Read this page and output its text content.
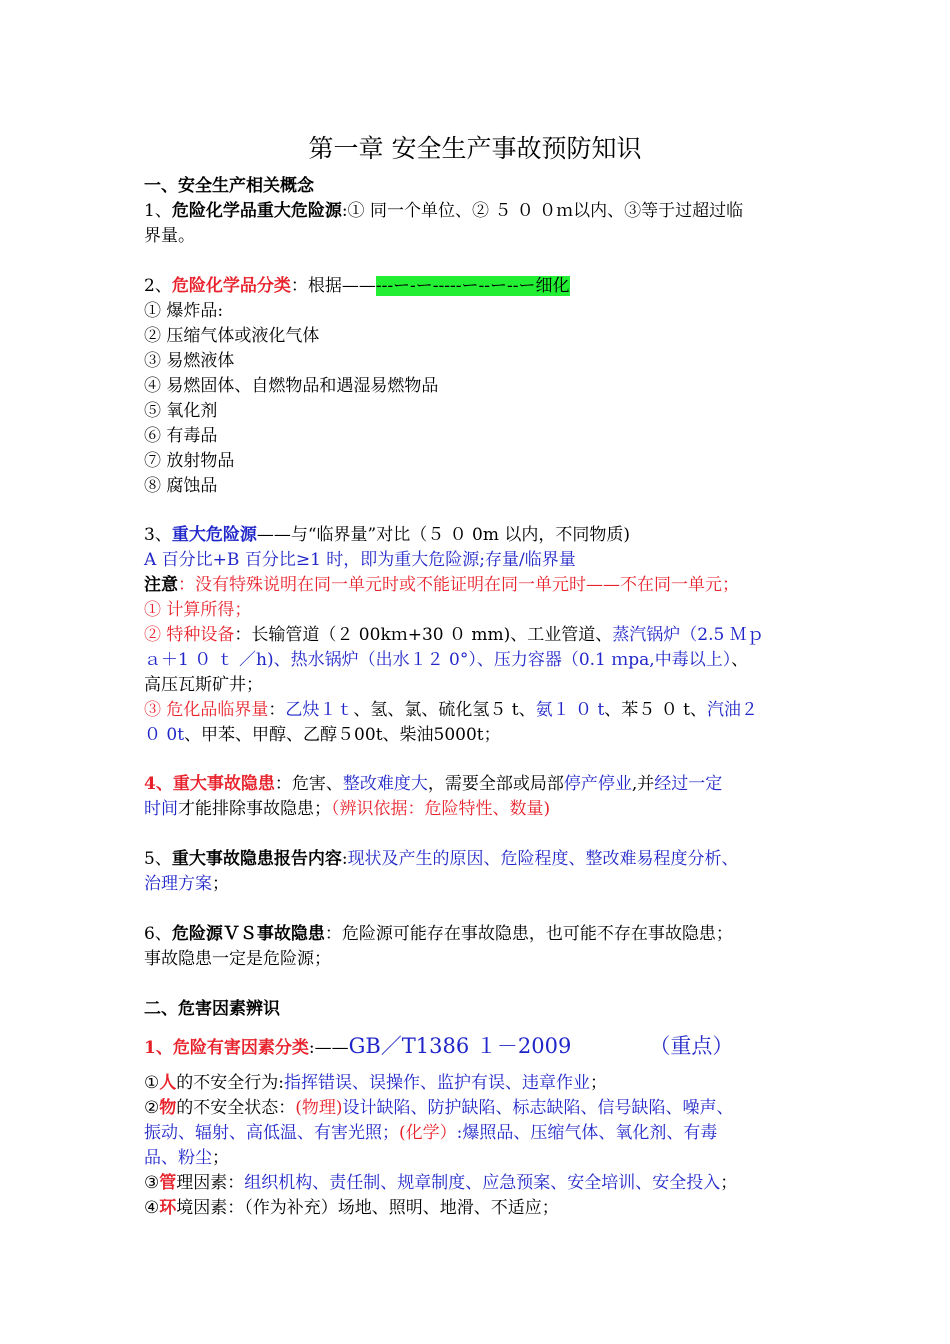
第一章 安全生产事故预防知识
一、安全生产相关概念
1、危险化学品重大危险源:① 同一个单位、② ５ ０ ０ｍ以内、③等于过超过临
界量。
2、危险化学品分类：根据——---ー-ー-----ー--ー--ー细化
① 爆炸品:
② 压缩气体或液化气体
③ 易燃液体
④ 易燃固体、自燃物品和遇湿易燃物品
⑤ 氧化剂
⑥ 有毒品
⑦ 放射物品
⑧ 腐蚀品
3、重大危险源——与“临界量”对比（５ ０ 0m 以内，不同物质)
A 百分比+B 百分比≥1 时，即为重大危险源;存量/临界量
注意：没有特殊说明在同一单元时或不能证明在同一单元时——不在同一单元；
① 计算所得；
② 特种设备：长输管道（２ 00kｍ+30 ０ mm)、工业管道、蒸汽锅炉（2.5 Ｍｐ
ａ＋1 ０ ｔ ／h)、热水锅炉（出水１２ 0°）、压力容器（0.1 ｍpa,中毒以上）、
高压瓦斯矿井；
③ 危化品临界量：乙炔１ｔ、氢、氯、硫化氢５ t、氨１ ０ t、苯５ ０ t、汽油２
０ 0t、甲苯、甲醇、乙醇５00t、柴油5000t；
4、重大事故隐患：危害、整改难度大，需要全部或局部停产停业,并经过一定
时间才能排除事故隐患；（辨识依据：危险特性、数量)
5、重大事故隐患报告内容:现状及产生的原因、危险程度、整改难易程度分析、
治理方案；
6、危险源ＶＳ事故隐患：危险源可能存在事故隐患，也可能不存在事故隐患；
事故隐患一定是危险源；
二、危害因素辨识
1、危险有害因素分类:——GB／T1386 １－2009	（重点）
①人的不安全行为:指挥错误、误操作、监护有误、违章作业；
②物的不安全状态：(物理)设计缺陷、防护缺陷、标志缺陷、信号缺陷、噪声、
振动、辐射、高低温、有害光照；(化学）:爆照品、压缩气体、氧化剂、有毒
品、粉尘；
③管理因素：组织机构、责任制、规章制度、应急预案、安全培训、安全投入；
④环境因素：（作为补充）场地、照明、地滑、不适应；
